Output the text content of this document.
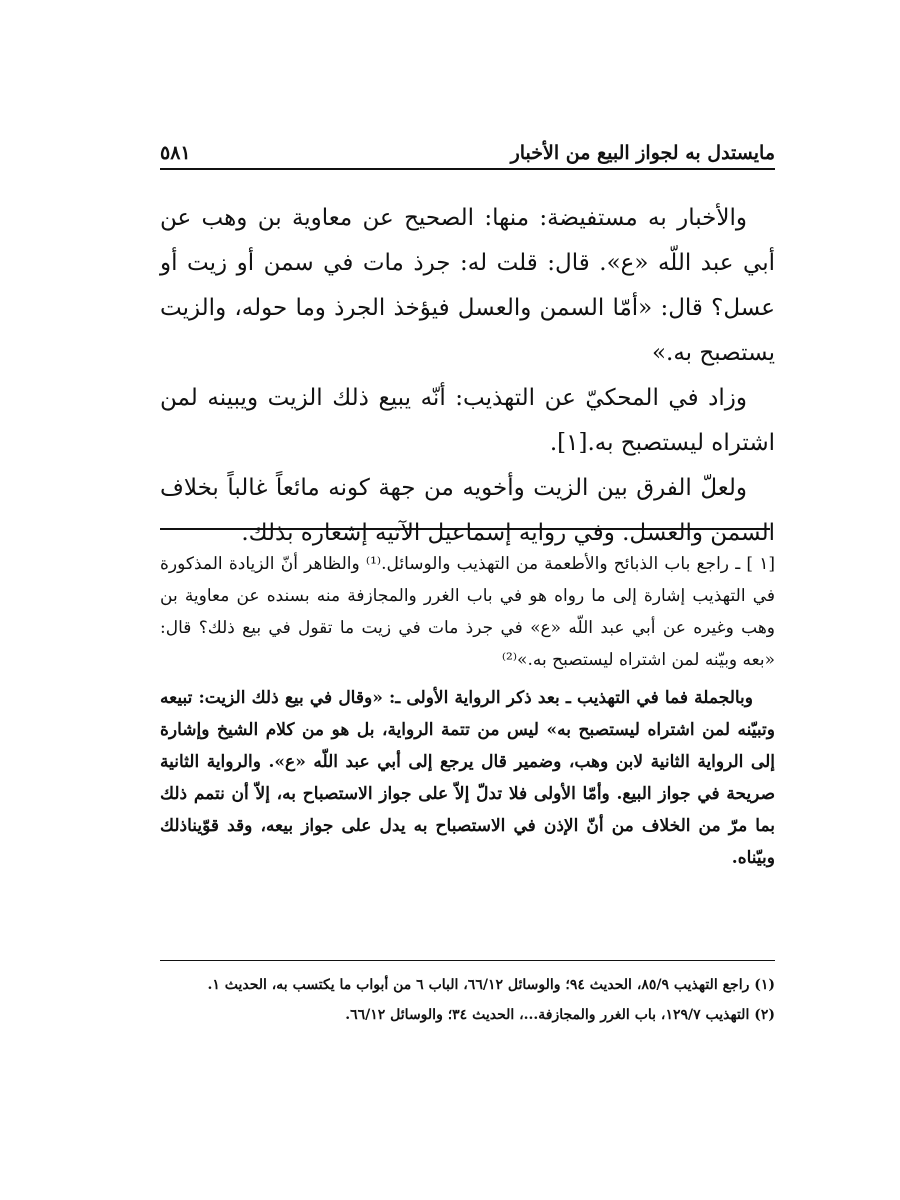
مايستدل به لجواز البيع من الأخبار
٥٨١

والأخبار به مستفيضة: منها: الصحيح عن معاوية بن وهب عن أبي عبد اللّه «ع». قال: قلت له: جرذ مات في سمن أو زيت أو عسل؟ قال: «أمّا السمن والعسل فيؤخذ الجرذ وما حوله، والزيت يستصبح به.»

وزاد في المحكيّ عن التهذيب: أنّه يبيع ذلك الزيت ويبينه لمن اشتراه ليستصبح به.[١].

ولعلّ الفرق بين الزيت وأخويه من جهة كونه مائعاً غالباً بخلاف السمن والعسل. وفي رواية إسماعيل الآتية إشعاره بذلك.

[١ ] ـ راجع باب الذبائح والأطعمة من التهذيب والوسائل.⁽¹⁾ والظاهر أنّ الزيادة المذكورة في التهذيب إشارة إلى ما رواه هو في باب الغرر والمجازفة منه بسنده عن معاوية بن وهب وغيره عن أبي عبد اللّه «ع» في جرذ مات في زيت ما تقول في بيع ذلك؟ قال: «بعه وبيّنه لمن اشتراه ليستصبح به.»⁽²⁾

وبالجملة فما في التهذيب ـ بعد ذكر الرواية الأولى ـ: «وقال في بيع ذلك الزيت: تبيعه وتبيّنه لمن اشتراه ليستصبح به» ليس من تتمة الرواية، بل هو من كلام الشيخ وإشارة إلى الرواية الثانية لابن وهب، وضمير قال يرجع إلى أبي عبد اللّه «ع». والرواية الثانية صريحة في جواز البيع. وأمّا الأولى فلا تدلّ إلاّ على جواز الاستصباح به، إلاّ أن نتمم ذلك بما مرّ من الخلاف من أنّ الإذن في الاستصباح به يدل على جواز بيعه، وقد قوّيناذلك وبيّناه.

(١) راجع التهذيب ٨٥/٩، الحديث ٩٤؛ والوسائل ٦٦/١٢، الباب ٦ من أبواب ما يكتسب به، الحديث ١.

(٢) التهذيب ١٢٩/٧، باب الغرر والمجازفة...، الحديث ٣٤؛ والوسائل ٦٦/١٢.
